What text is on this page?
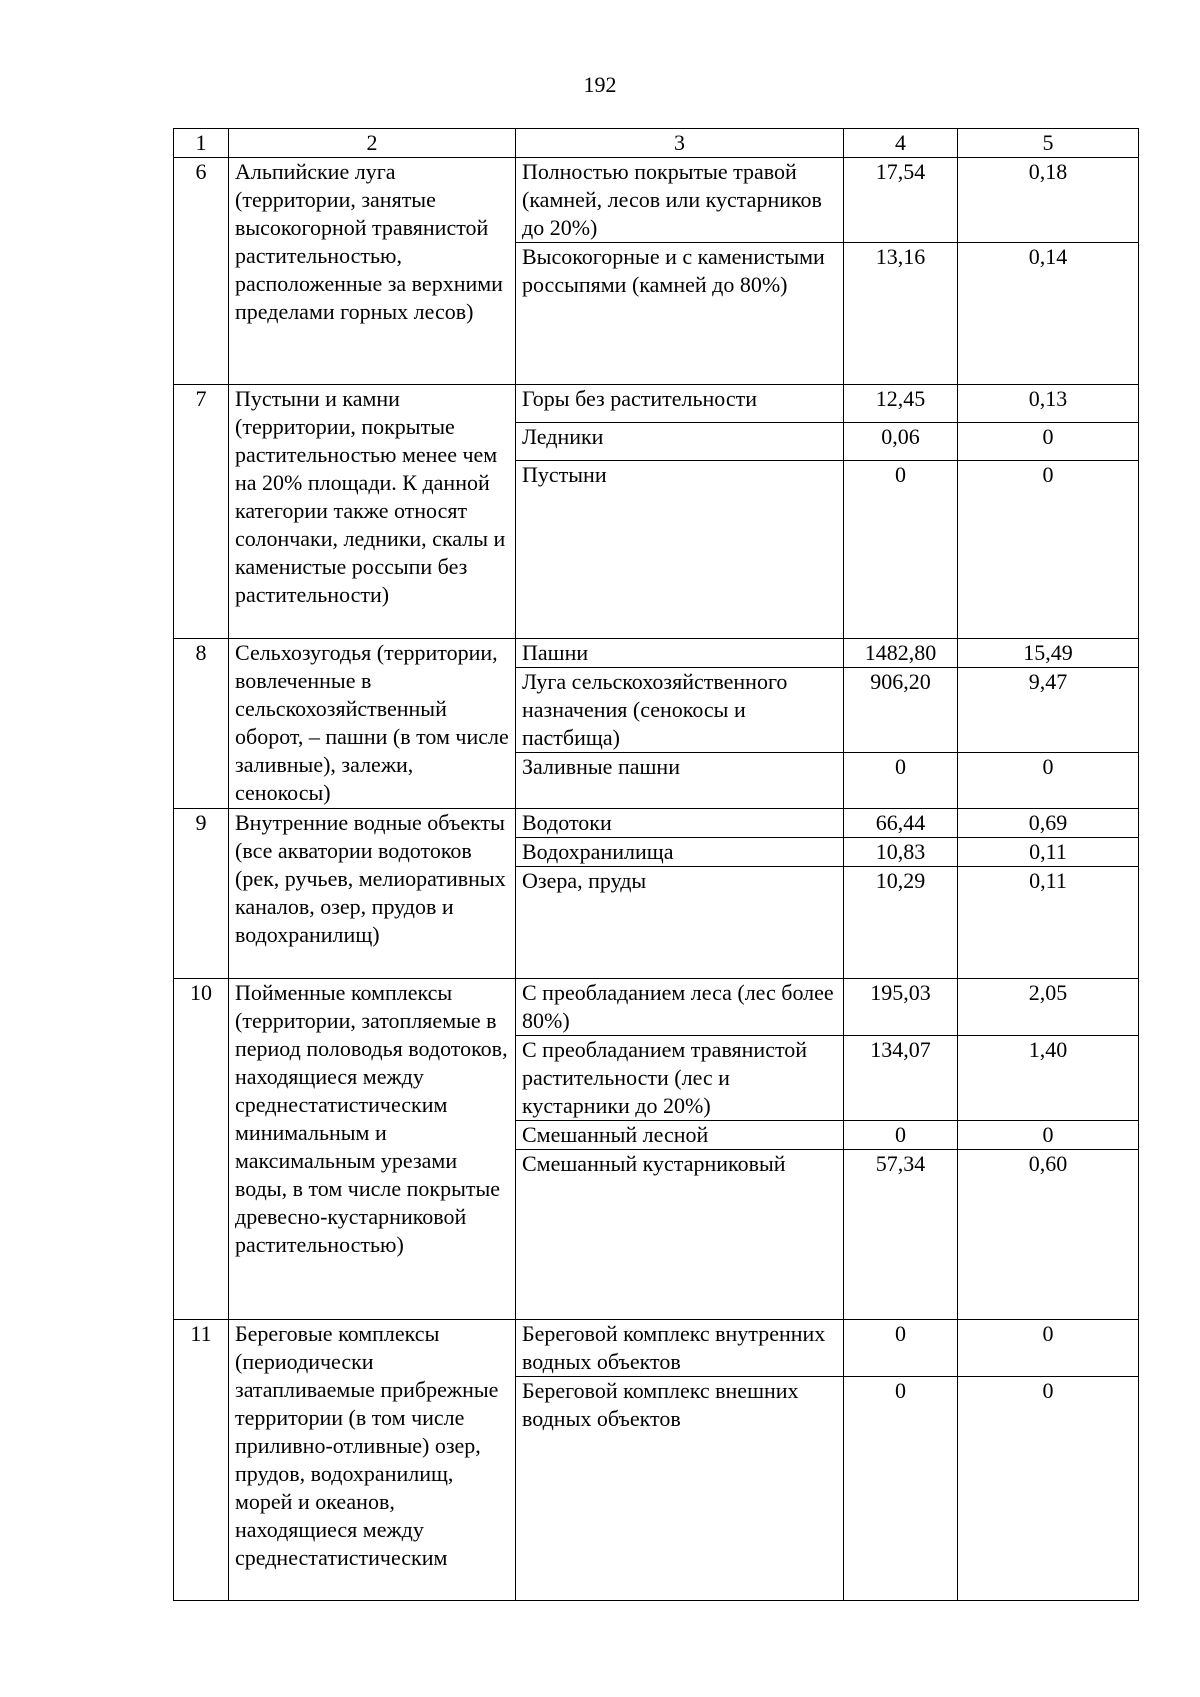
192
1	2	3	4	5
6	Альпийские луга (территории, занятые высокогорной травянистой растительностью, расположенные за верхними пределами горных лесов)	Полностью покрытые травой (камней, лесов или кустарников до 20%)	17,54	0,18
		Высокогорные и с каменистыми россыпями (камней до 80%)	13,16	0,14
7	Пустыни и камни (территории, покрытые растительностью менее чем на 20% площади. К данной категории также относят солончаки, ледники, скалы и каменистые россыпи без растительности)	Горы без растительности	12,45	0,13
		Ледники	0,06	0
		Пустыни	0	0
8	Сельхозугодья (территории, вовлеченные в сельскохозяйственный оборот, – пашни (в том числе заливные), залежи, сенокосы)	Пашни	1482,80	15,49
		Луга сельскохозяйственного назначения (сенокосы и пастбища)	906,20	9,47
		Заливные пашни	0	0
9	Внутренние водные объекты (все акватории водотоков (рек, ручьев, мелиоративных каналов, озер, прудов и водохранилищ)	Водотоки	66,44	0,69
		Водохранилища	10,83	0,11
		Озера, пруды	10,29	0,11
10	Пойменные комплексы (территории, затопляемые в период половодья водотоков, находящиеся между среднестатистическим минимальным и максимальным урезами воды, в том числе покрытые древесно-кустарниковой растительностью)	С преобладанием леса (лес более 80%)	195,03	2,05
		С преобладанием травянистой растительности (лес и кустарники до 20%)	134,07	1,40
		Смешанный лесной	0	0
		Смешанный кустарниковый	57,34	0,60
11	Береговые комплексы (периодически затапливаемые прибрежные территории (в том числе приливно-отливные) озер, прудов, водохранилищ, морей и океанов, находящиеся между среднестатистическим	Береговой комплекс внутренних водных объектов	0	0
		Береговой комплекс внешних водных объектов	0	0
